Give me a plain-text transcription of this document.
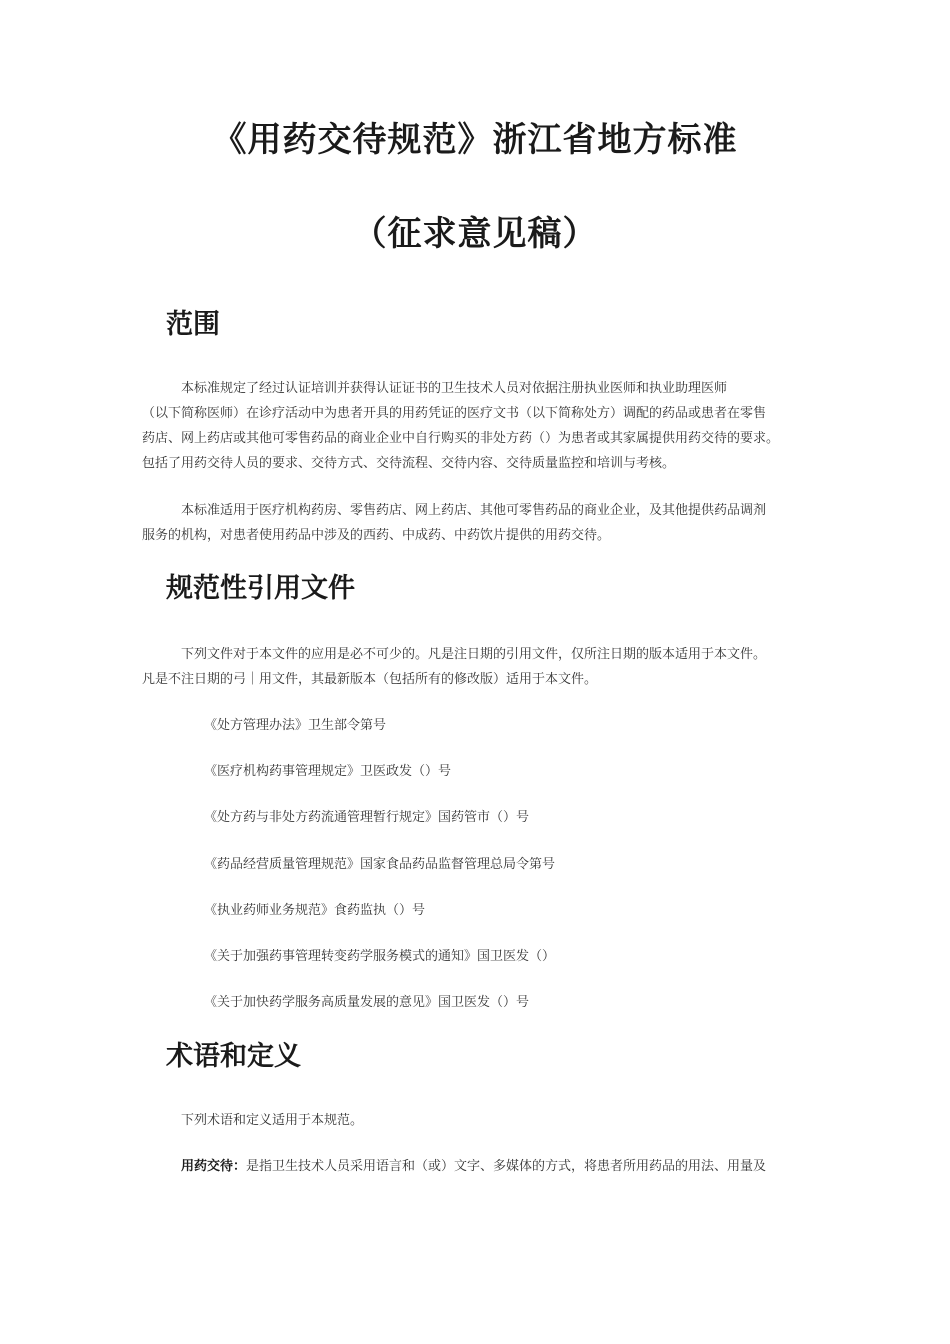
《用药交待规范》浙江省地方标准
（征求意见稿）
范围

本标准规定了经过认证培训并获得认证证书的卫生技术人员对依据注册执业医师和执业助理医师
（以下简称医师）在诊疗活动中为患者开具的用药凭证的医疗文书（以下简称处方）调配的药品或患者在零售
药店、网上药店或其他可零售药品的商业企业中自行购买的非处方药（）为患者或其家属提供用药交待的要求。
包括了用药交待人员的要求、交待方式、交待流程、交待内容、交待质量监控和培训与考核。

本标准适用于医疗机构药房、零售药店、网上药店、其他可零售药品的商业企业，及其他提供药品调剂
服务的机构，对患者使用药品中涉及的西药、中成药、中药饮片提供的用药交待。

规范性引用文件

下列文件对于本文件的应用是必不可少的。凡是注日期的引用文件，仅所注日期的版本适用于本文件。
凡是不注日期的弓｜用文件，其最新版本（包括所有的修改版）适用于本文件。

《处方管理办法》卫生部令第号
《医疗机构药事管理规定》卫医政发（）号
《处方药与非处方药流通管理暂行规定》国药管市（）号
《药品经营质量管理规范》国家食品药品监督管理总局令第号
《执业药师业务规范》食药监执（）号
《关于加强药事管理转变药学服务模式的通知》国卫医发（）
《关于加快药学服务高质量发展的意见》国卫医发（）号
术语和定义

下列术语和定义适用于本规范。

用药交待：是指卫生技术人员采用语言和（或）文字、多媒体的方式，将患者所用药品的用法、用量及
